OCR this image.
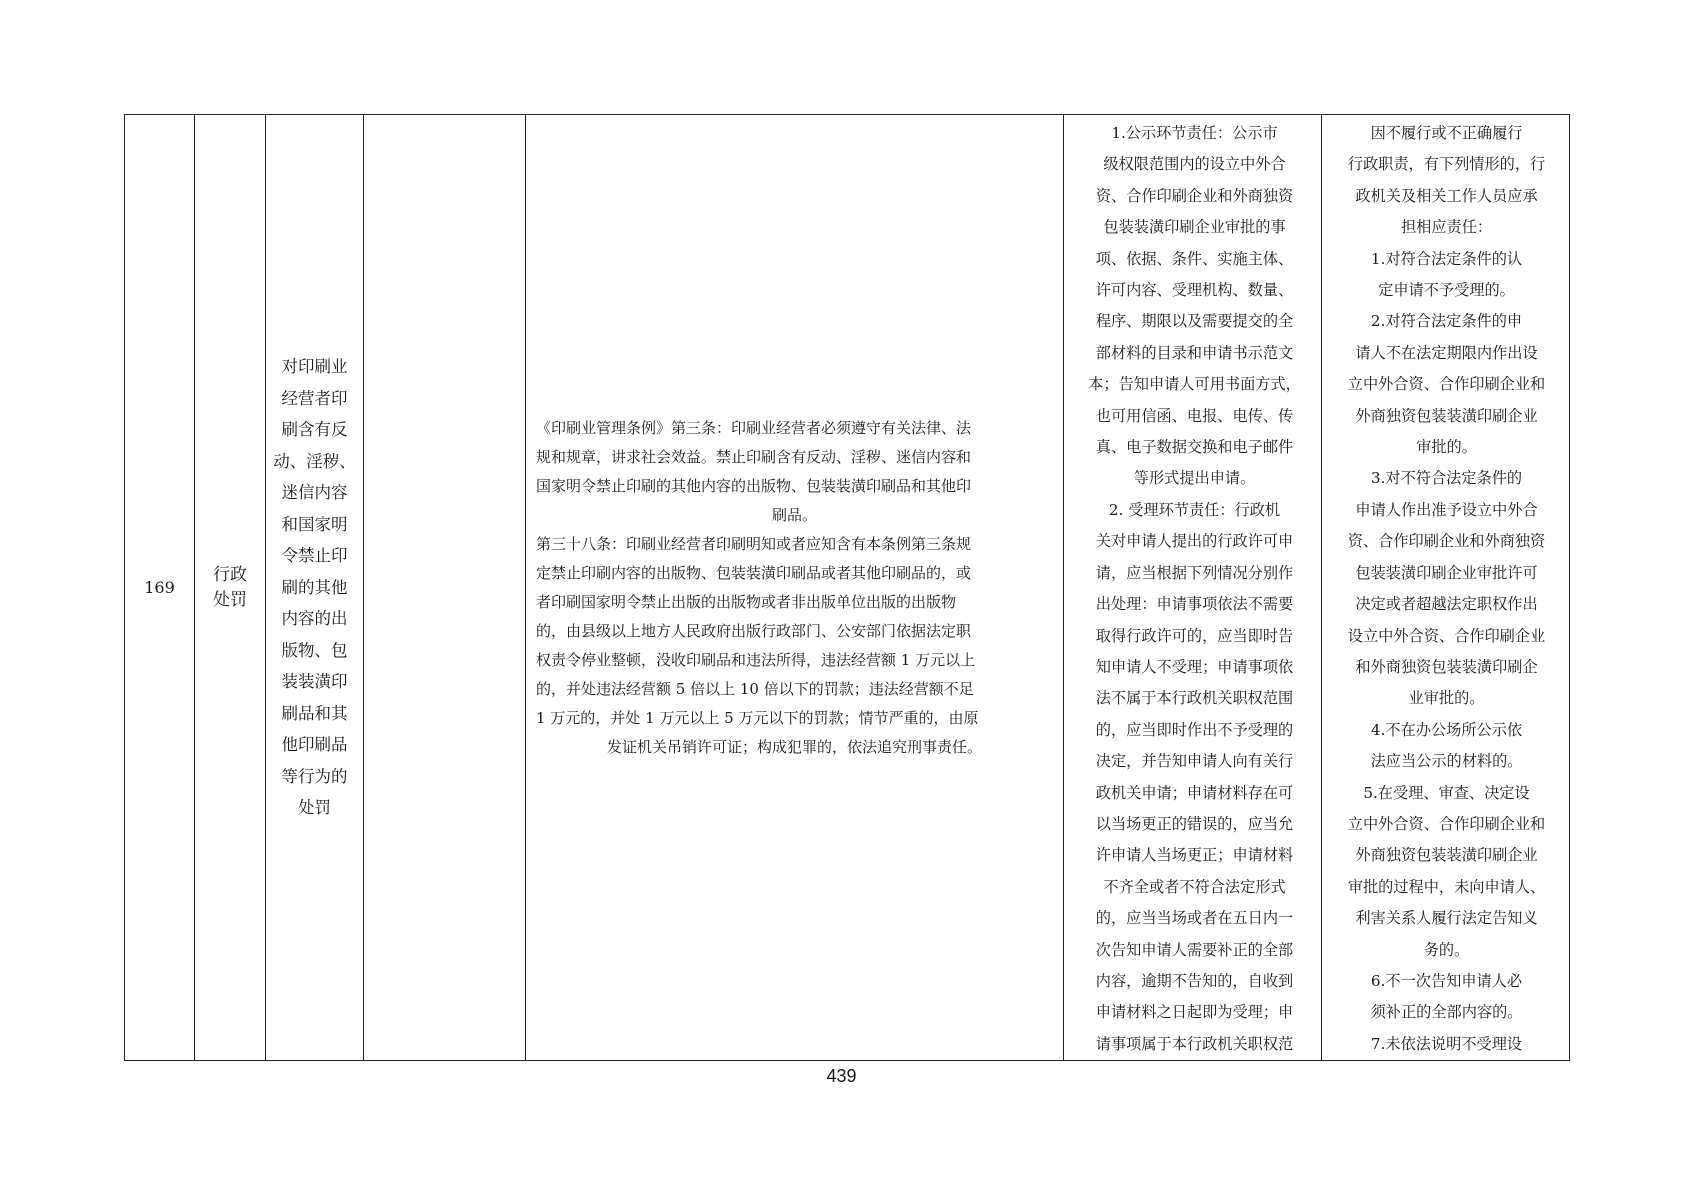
169	
行政
处罚

对印刷业
经营者印
刷含有反
动、淫秽、
迷信内容
和国家明
令禁止印
刷的其他
内容的出
版物、包
装装潢印
刷品和其
他印刷品
等行为的
处罚

《印刷业管理条例》第三条：印刷业经营者必须遵守有关法律、法
规和规章，讲求社会效益。禁止印刷含有反动、淫秽、迷信内容和
国家明令禁止印刷的其他内容的出版物、包装装潢印刷品和其他印
刷品。
第三十八条：印刷业经营者印刷明知或者应知含有本条例第三条规
定禁止印刷内容的出版物、包装装潢印刷品或者其他印刷品的，或
者印刷国家明令禁止出版的出版物或者非出版单位出版的出版物
的，由县级以上地方人民政府出版行政部门、公安部门依据法定职
权责令停业整顿，没收印刷品和违法所得，违法经营额 1 万元以上
的，并处违法经营额 5 倍以上 10 倍以下的罚款；违法经营额不足
1 万元的，并处 1 万元以上 5 万元以下的罚款；情节严重的，由原
发证机关吊销许可证；构成犯罪的，依法追究刑事责任。

1.公示环节责任：公示市
级权限范围内的设立中外合
资、合作印刷企业和外商独资
包装装潢印刷企业审批的事
项、依据、条件、实施主体、
许可内容、受理机构、数量、
程序、期限以及需要提交的全
部材料的目录和申请书示范文
本；告知申请人可用书面方式，
也可用信函、电报、电传、传
真、电子数据交换和电子邮件
等形式提出申请。
2. 受理环节责任：行政机
关对申请人提出的行政许可申
请，应当根据下列情况分别作
出处理：申请事项依法不需要
取得行政许可的，应当即时告
知申请人不受理；申请事项依
法不属于本行政机关职权范围
的，应当即时作出不予受理的
决定，并告知申请人向有关行
政机关申请；申请材料存在可
以当场更正的错误的，应当允
许申请人当场更正；申请材料
不齐全或者不符合法定形式
的，应当当场或者在五日内一
次告知申请人需要补正的全部
内容，逾期不告知的，自收到
申请材料之日起即为受理；申
请事项属于本行政机关职权范

因不履行或不正确履行
行政职责，有下列情形的，行
政机关及相关工作人员应承
担相应责任：
1.对符合法定条件的认
定申请不予受理的。
2.对符合法定条件的申
请人不在法定期限内作出设
立中外合资、合作印刷企业和
外商独资包装装潢印刷企业
审批的。
3.对不符合法定条件的
申请人作出准予设立中外合
资、合作印刷企业和外商独资
包装装潢印刷企业审批许可
决定或者超越法定职权作出
设立中外合资、合作印刷企业
和外商独资包装装潢印刷企
业审批的。
4.不在办公场所公示依
法应当公示的材料的。
5.在受理、审查、决定设
立中外合资、合作印刷企业和
外商独资包装装潢印刷企业
审批的过程中，未向申请人、
利害关系人履行法定告知义
务的。
6.不一次告知申请人必
须补正的全部内容的。
7.未依法说明不受理设
439
